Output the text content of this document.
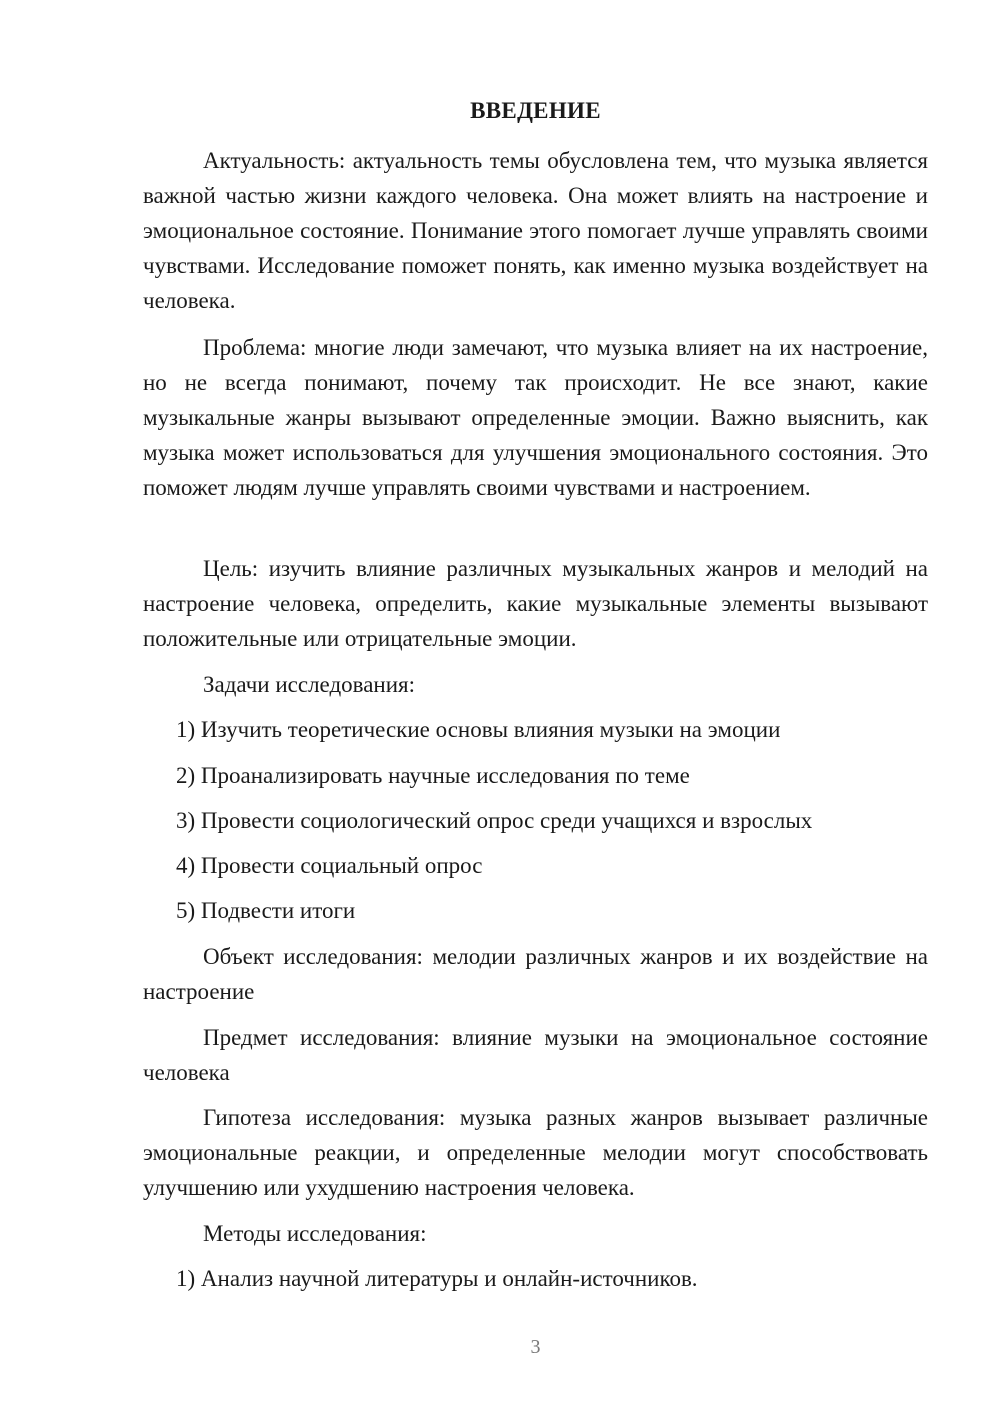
ВВЕДЕНИЕ

Актуальность: актуальность темы обусловлена тем, что музыка является важной частью жизни каждого человека. Она может влиять на настроение и эмоциональное состояние. Понимание этого помогает лучше управлять своими чувствами. Исследование поможет понять, как именно музыка воздействует на человека.

Проблема: многие люди замечают, что музыка влияет на их настроение, но не всегда понимают, почему так происходит. Не все знают, какие музыкальные жанры вызывают определенные эмоции. Важно выяснить, как музыка может использоваться для улучшения эмоционального состояния. Это поможет людям лучше управлять своими чувствами и настроением.

Цель: изучить влияние различных музыкальных жанров и мелодий на настроение человека, определить, какие музыкальные элементы вызывают положительные или отрицательные эмоции.

Задачи исследования:
1) Изучить теоретические основы влияния музыки на эмоции
2) Проанализировать научные исследования по теме
3) Провести социологический опрос среди учащихся и взрослых
4) Провести социальный опрос
5) Подвести итоги

Объект исследования: мелодии различных жанров и их воздействие на настроение

Предмет исследования: влияние музыки на эмоциональное состояние человека

Гипотеза исследования: музыка разных жанров вызывает различные эмоциональные реакции, и определенные мелодии могут способствовать улучшению или ухудшению настроения человека.

Методы исследования:
1) Анализ научной литературы и онлайн-источников.
3
